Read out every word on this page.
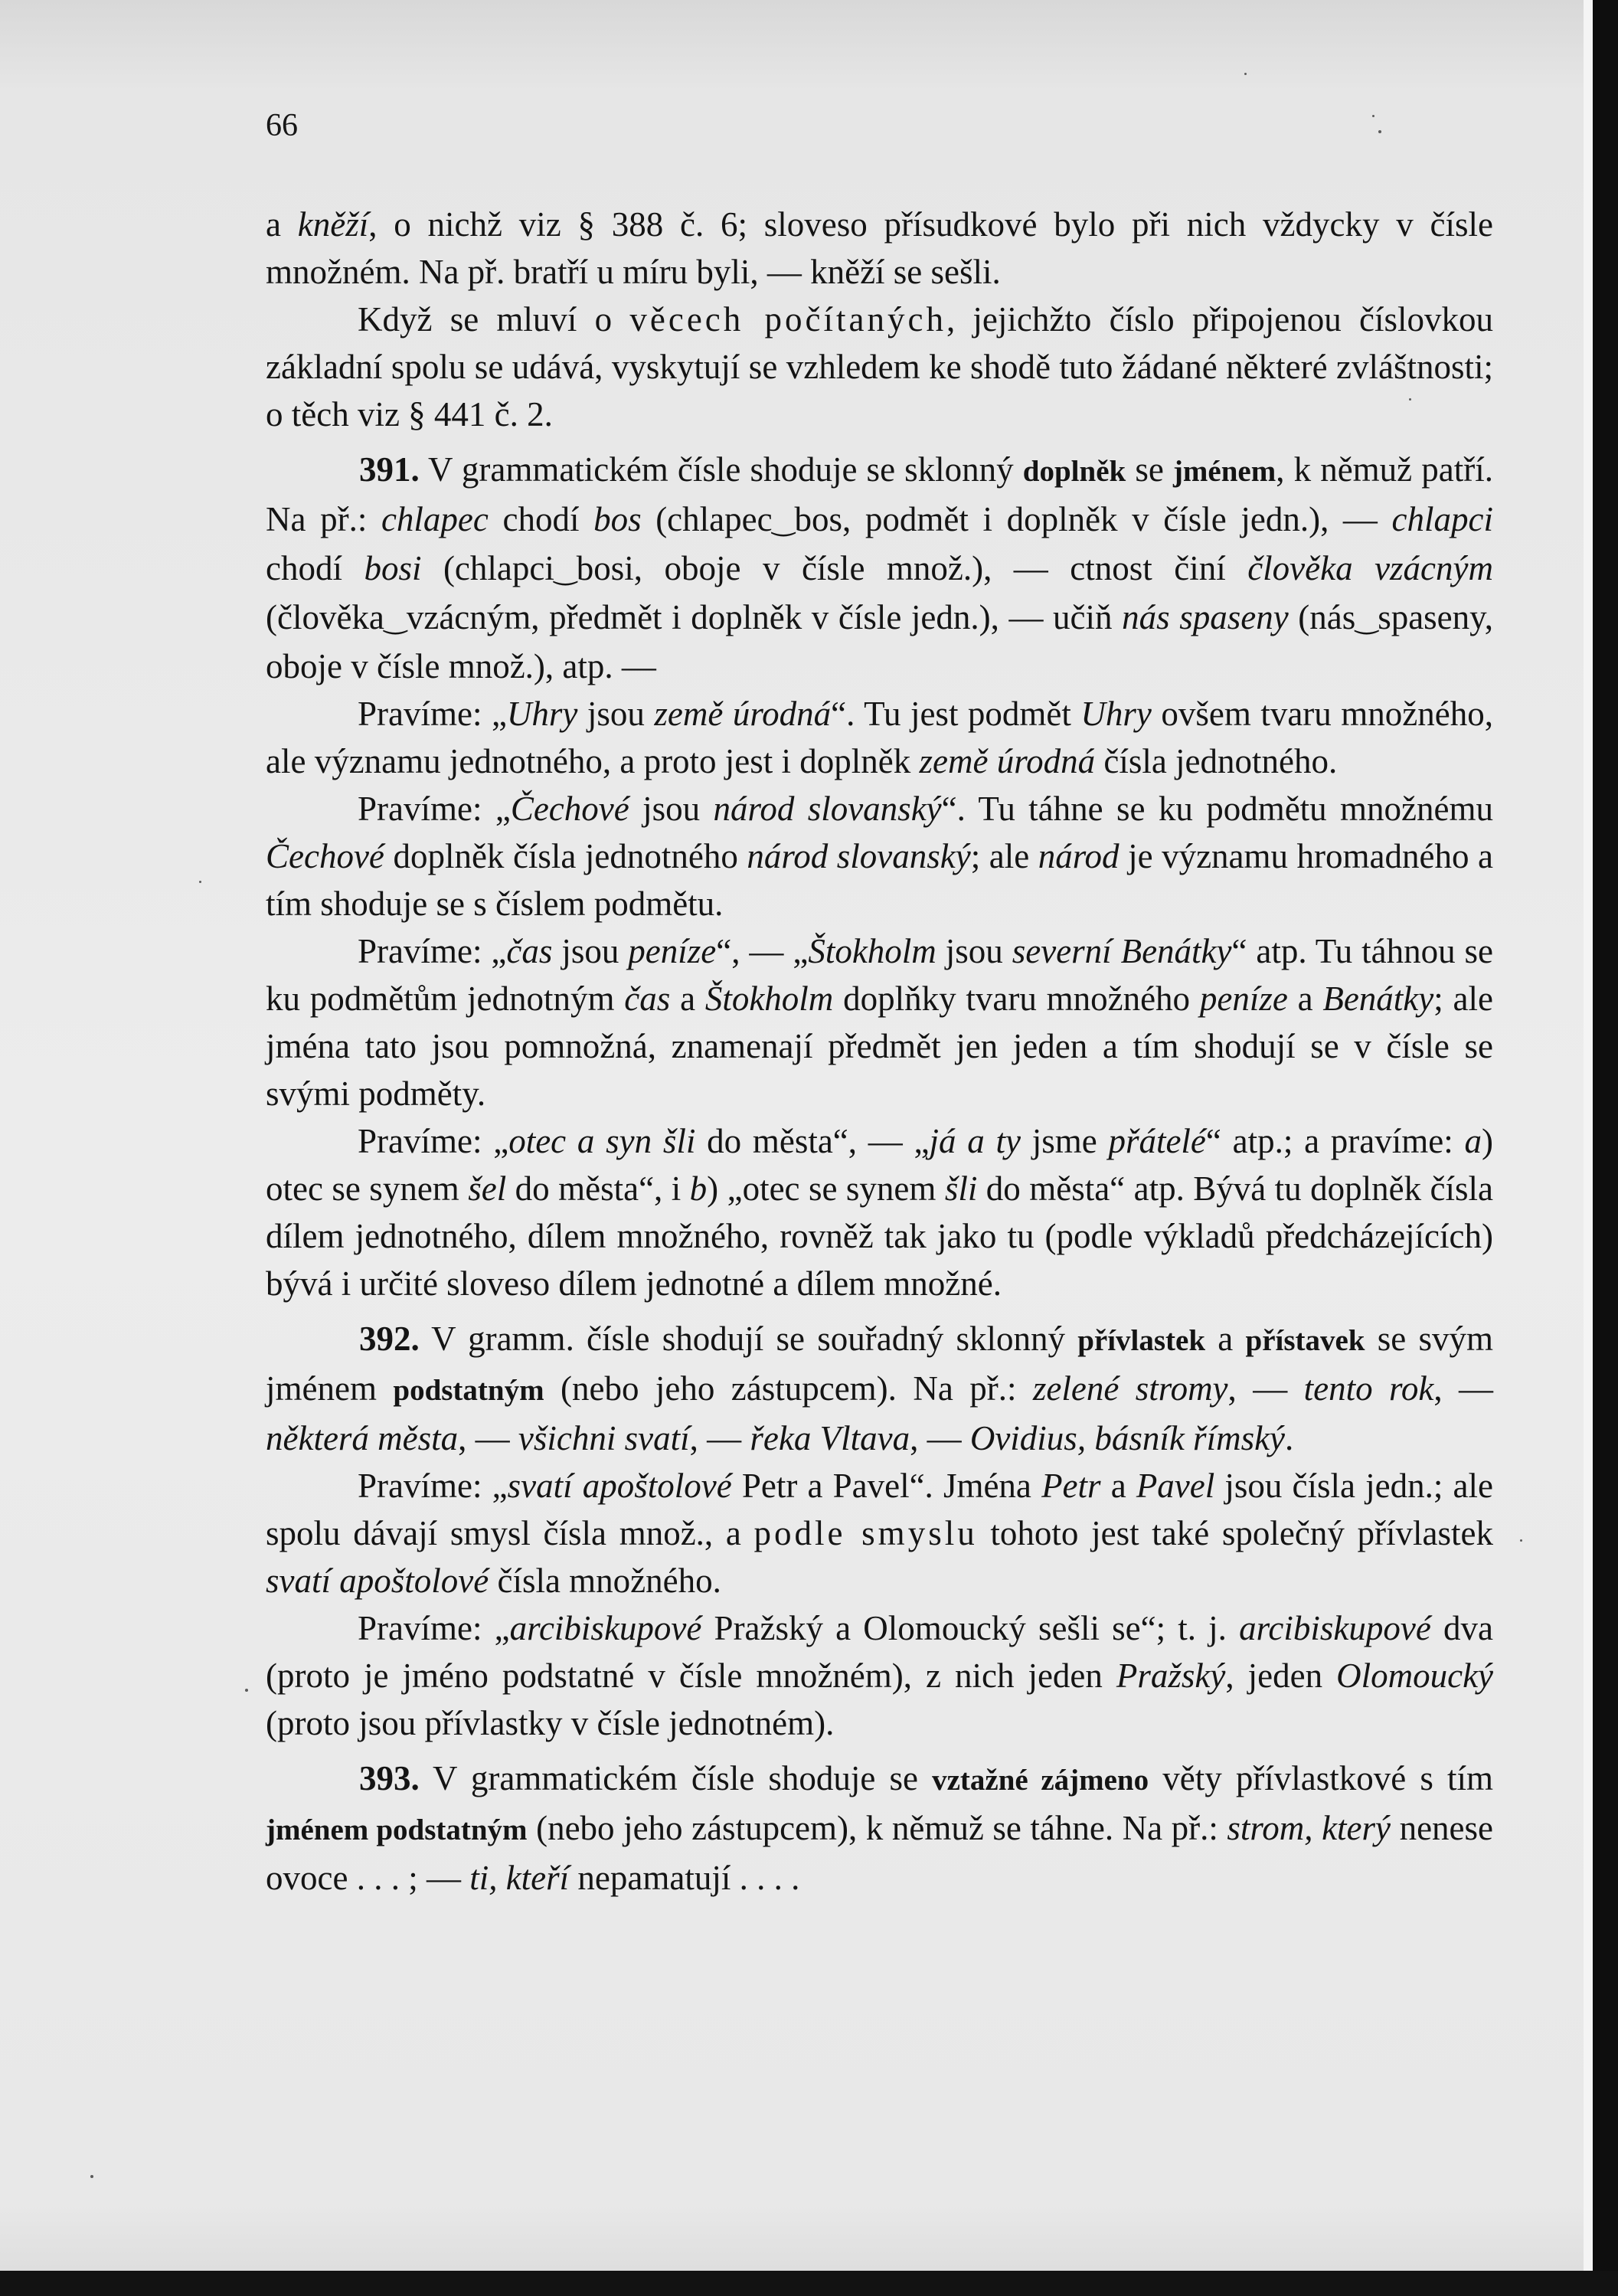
66

a kněží, o nichž viz § 388 č. 6; sloveso přísudkové bylo při nich vždycky v čísle množném. Na př. bratří u míru byli, — kněží se sešli.

Když se mluví o věcech počítaných, jejichžto číslo připojenou číslovkou základní spolu se udává, vyskytují se vzhledem ke shodě tuto žádané některé zvláštnosti; o těch viz § 441 č. 2.

391. V grammatickém čísle shoduje se sklonný doplněk se jménem, k němuž patří. Na př.: chlapec chodí bos (chlapec‿bos, podmět i doplněk v čísle jedn.), — chlapci chodí bosi (chlapci‿bosi, oboje v čísle množ.), — ctnost činí člověka vzácným (člověka‿vzácným, předmět i doplněk v čísle jedn.), — učiň nás spaseny (nás‿spaseny, oboje v čísle množ.), atp. —

Pravíme: „Uhry jsou země úrodná“. Tu jest podmět Uhry ovšem tvaru množného, ale významu jednotného, a proto jest i doplněk země úrodná čísla jednotného.

Pravíme: „Čechové jsou národ slovanský“. Tu táhne se ku podmětu množnému Čechové doplněk čísla jednotného národ slovanský; ale národ je významu hromadného a tím shoduje se s číslem podmětu.

Pravíme: „čas jsou peníze“, — „Štokholm jsou severní Benátky“ atp. Tu táhnou se ku podmětům jednotným čas a Štokholm doplňky tvaru množného peníze a Benátky; ale jména tato jsou pomnožná, znamenají předmět jen jeden a tím shodují se v čísle se svými podměty.

Pravíme: „otec a syn šli do města“, — „já a ty jsme přátelé“ atp.; a pravíme: a) otec se synem šel do města“, i b) „otec se synem šli do města“ atp. Bývá tu doplněk čísla dílem jednotného, dílem množného, rovněž tak jako tu (podle výkladů předcházejících) bývá i určité sloveso dílem jednotné a dílem množné.

392. V gramm. čísle shodují se souřadný sklonný přívlastek a přístavek se svým jménem podstatným (nebo jeho zástupcem). Na př.: zelené stromy, — tento rok, — některá města, — všichni svatí, — řeka Vltava, — Ovidius, básník římský.

Pravíme: „svatí apoštolové Petr a Pavel“. Jména Petr a Pavel jsou čísla jedn.; ale spolu dávají smysl čísla množ., a podle smyslu tohoto jest také společný přívlastek svatí apoštolové čísla množného.

Pravíme: „arcibiskupové Pražský a Olomoucký sešli se“; t. j. arcibiskupové dva (proto je jméno podstatné v čísle množném), z nich jeden Pražský, jeden Olomoucký (proto jsou přívlastky v čísle jednotném).

393. V grammatickém čísle shoduje se vztažné zájmeno věty přívlastkové s tím jménem podstatným (nebo jeho zástupcem), k němuž se táhne. Na př.: strom, který nenese ovoce . . . ; — ti, kteří nepamatují . . . .
